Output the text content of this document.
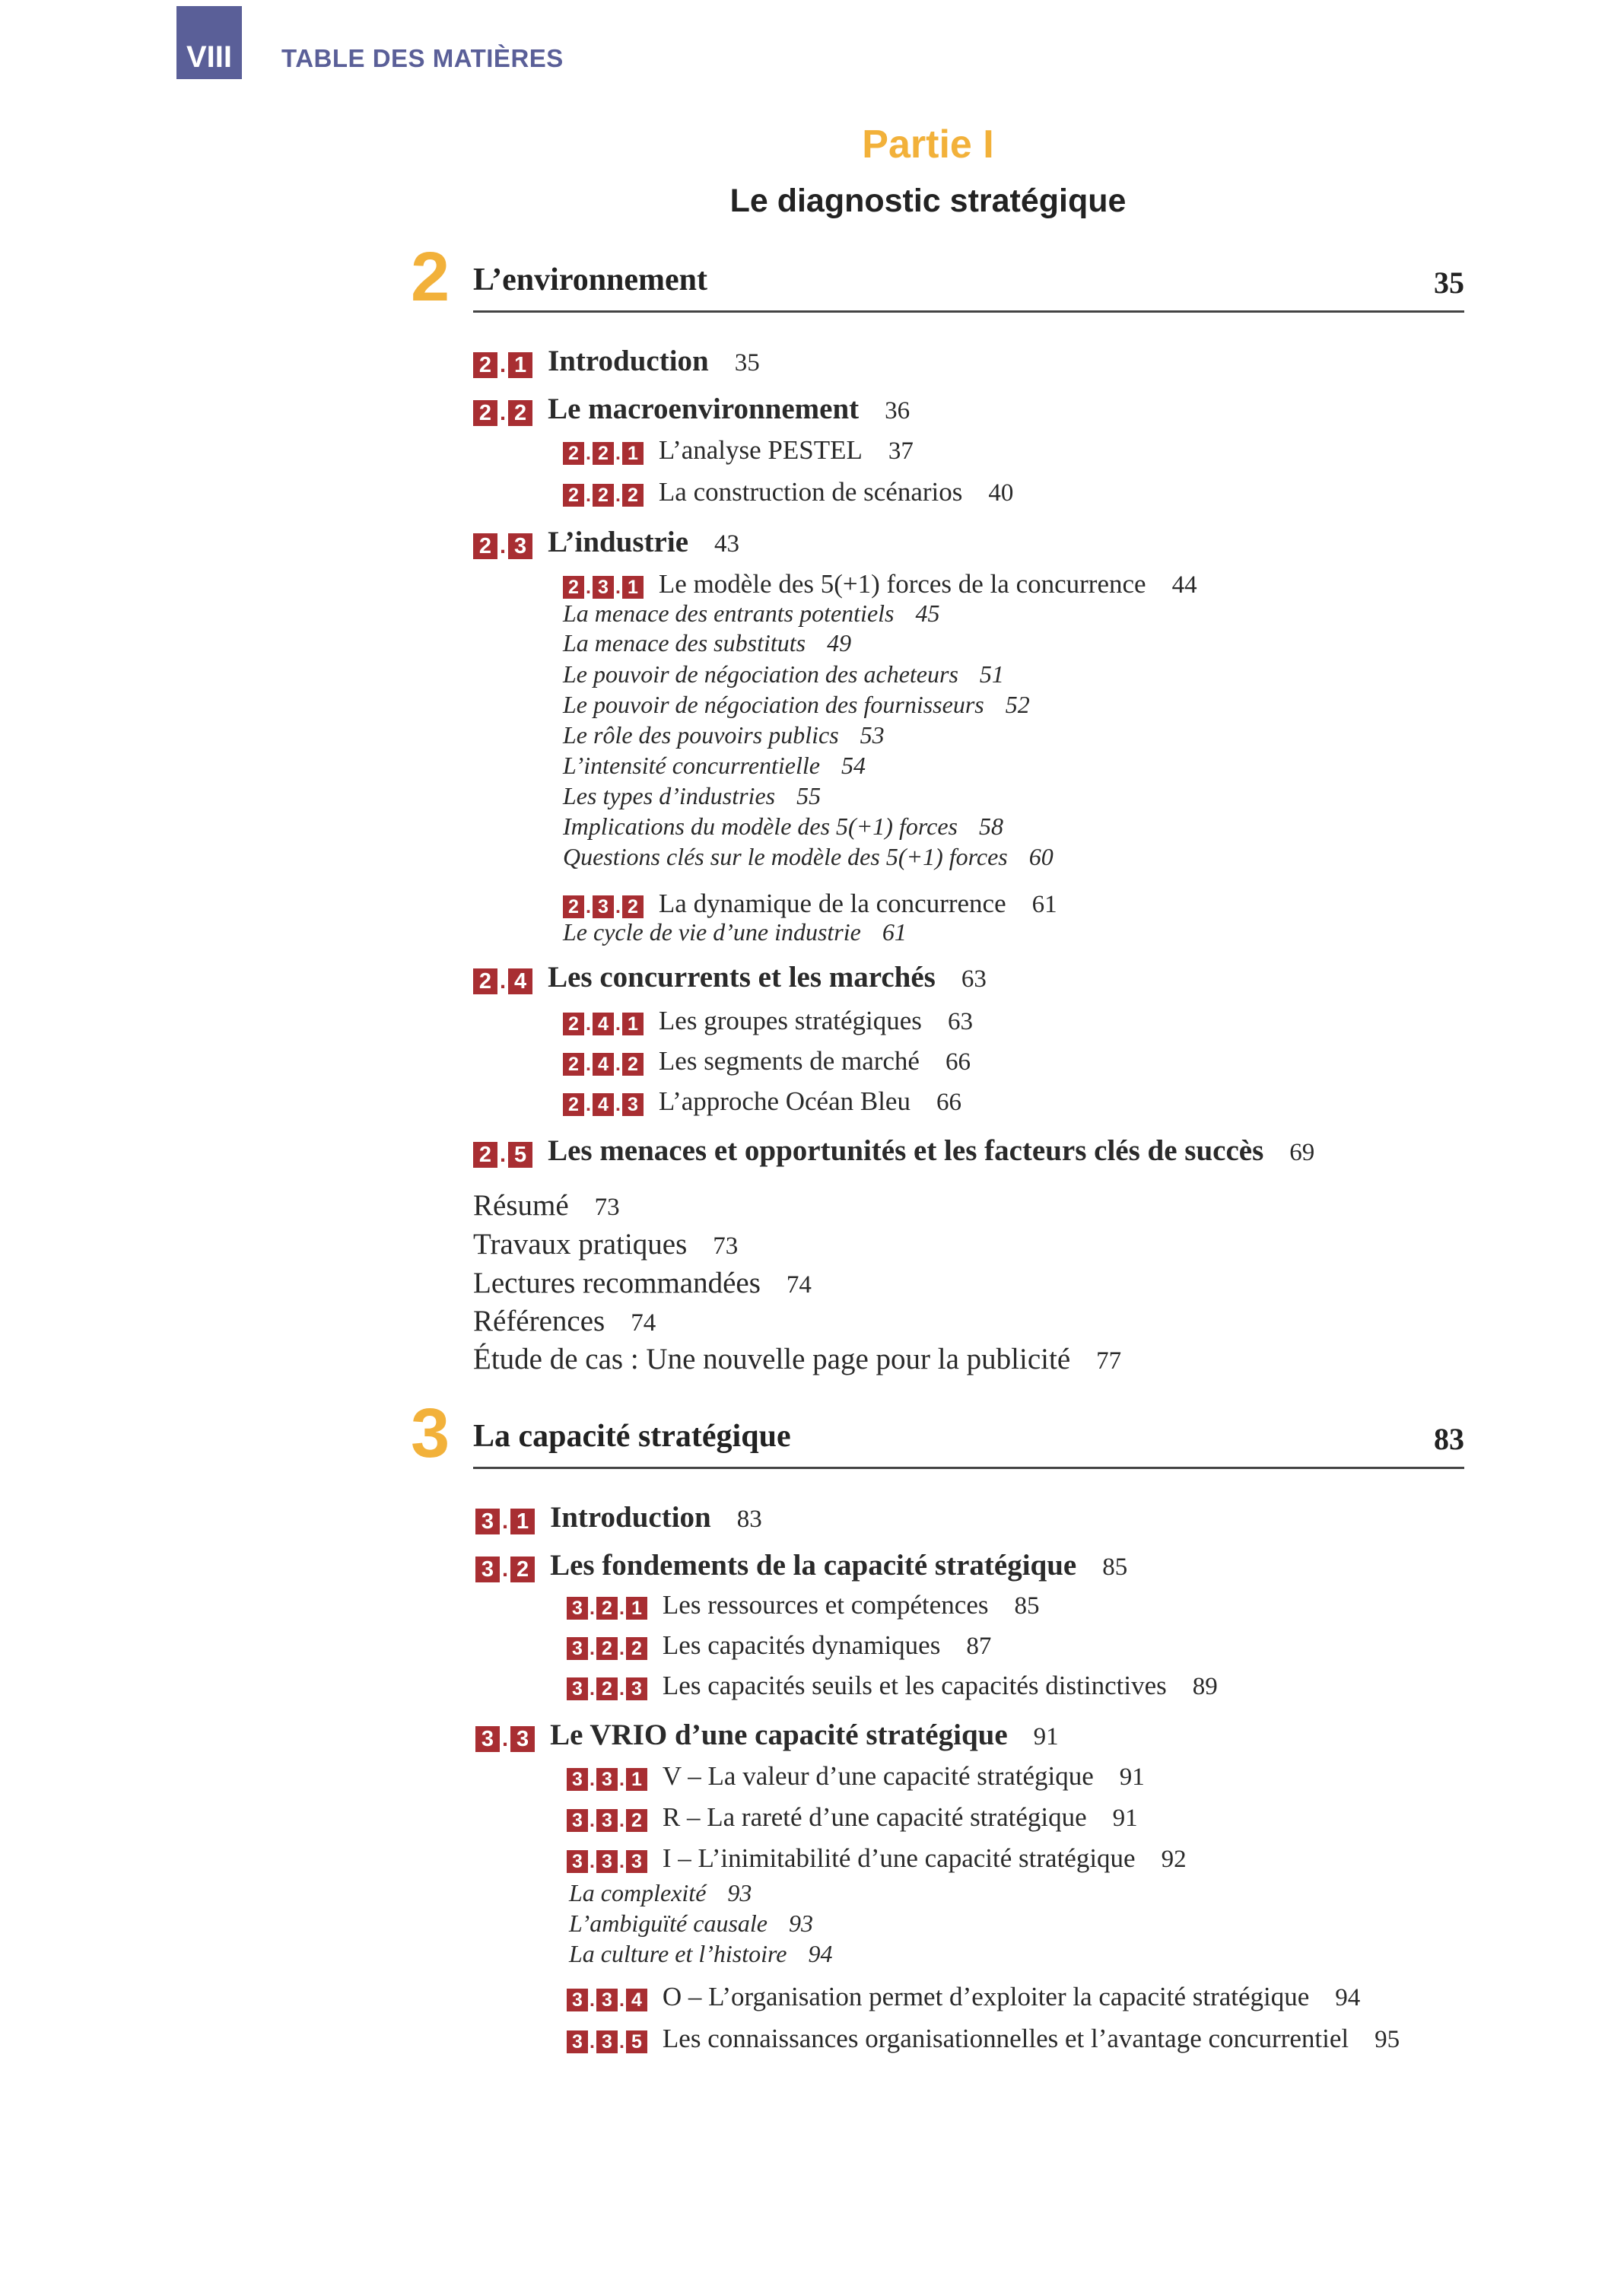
VIII TABLE DES MATIÈRES
Partie I
Le diagnostic stratégique
2 L’environnement	35
2 . 1 Introduction 35
2 . 2 Le macroenvironnement 36
2 . 2 . 1 L’analyse PESTEL 37
2 . 2 . 2 La construction de scénarios 40
2 . 3 L’industrie 43
2 . 3 . 1 Le modèle des 5(+1) forces de la concurrence 44
La menace des entrants potentiels 45
La menace des substituts 49
Le pouvoir de négociation des acheteurs 51
Le pouvoir de négociation des fournisseurs 52
Le rôle des pouvoirs publics 53
L’intensité concurrentielle 54
Les types d’industries 55
Implications du modèle des 5(+1) forces 58
Questions clés sur le modèle des 5(+1) forces 60
2 . 3 . 2 La dynamique de la concurrence 61
Le cycle de vie d’une industrie 61
2 . 4 Les concurrents et les marchés 63
2 . 4 . 1 Les groupes stratégiques 63
2 . 4 . 2 Les segments de marché 66
2 . 4 . 3 L’approche Océan Bleu 66
2 . 5 Les menaces et opportunités et les facteurs clés de succès 69
Résumé 73
Travaux pratiques 73
Lectures recommandées 74
Références 74
Étude de cas : Une nouvelle page pour la publicité 77
3 La capacité stratégique	83
3 . 1 Introduction 83
3 . 2 Les fondements de la capacité stratégique 85
3 . 2 . 1 Les ressources et compétences 85
3 . 2 . 2 Les capacités dynamiques 87
3 . 2 . 3 Les capacités seuils et les capacités distinctives 89
3 . 3 Le VRIO d’une capacité stratégique 91
3 . 3 . 1 V – La valeur d’une capacité stratégique 91
3 . 3 . 2 R – La rareté d’une capacité stratégique 91
3 . 3 . 3 I – L’inimitabilité d’une capacité stratégique 92
La complexité 93
L’ambiguïté causale 93
La culture et l’histoire 94
3 . 3 . 4 O – L’organisation permet d’exploiter la capacité stratégique 94
3 . 3 . 5 Les connaissances organisationnelles et l’avantage concurrentiel 95
